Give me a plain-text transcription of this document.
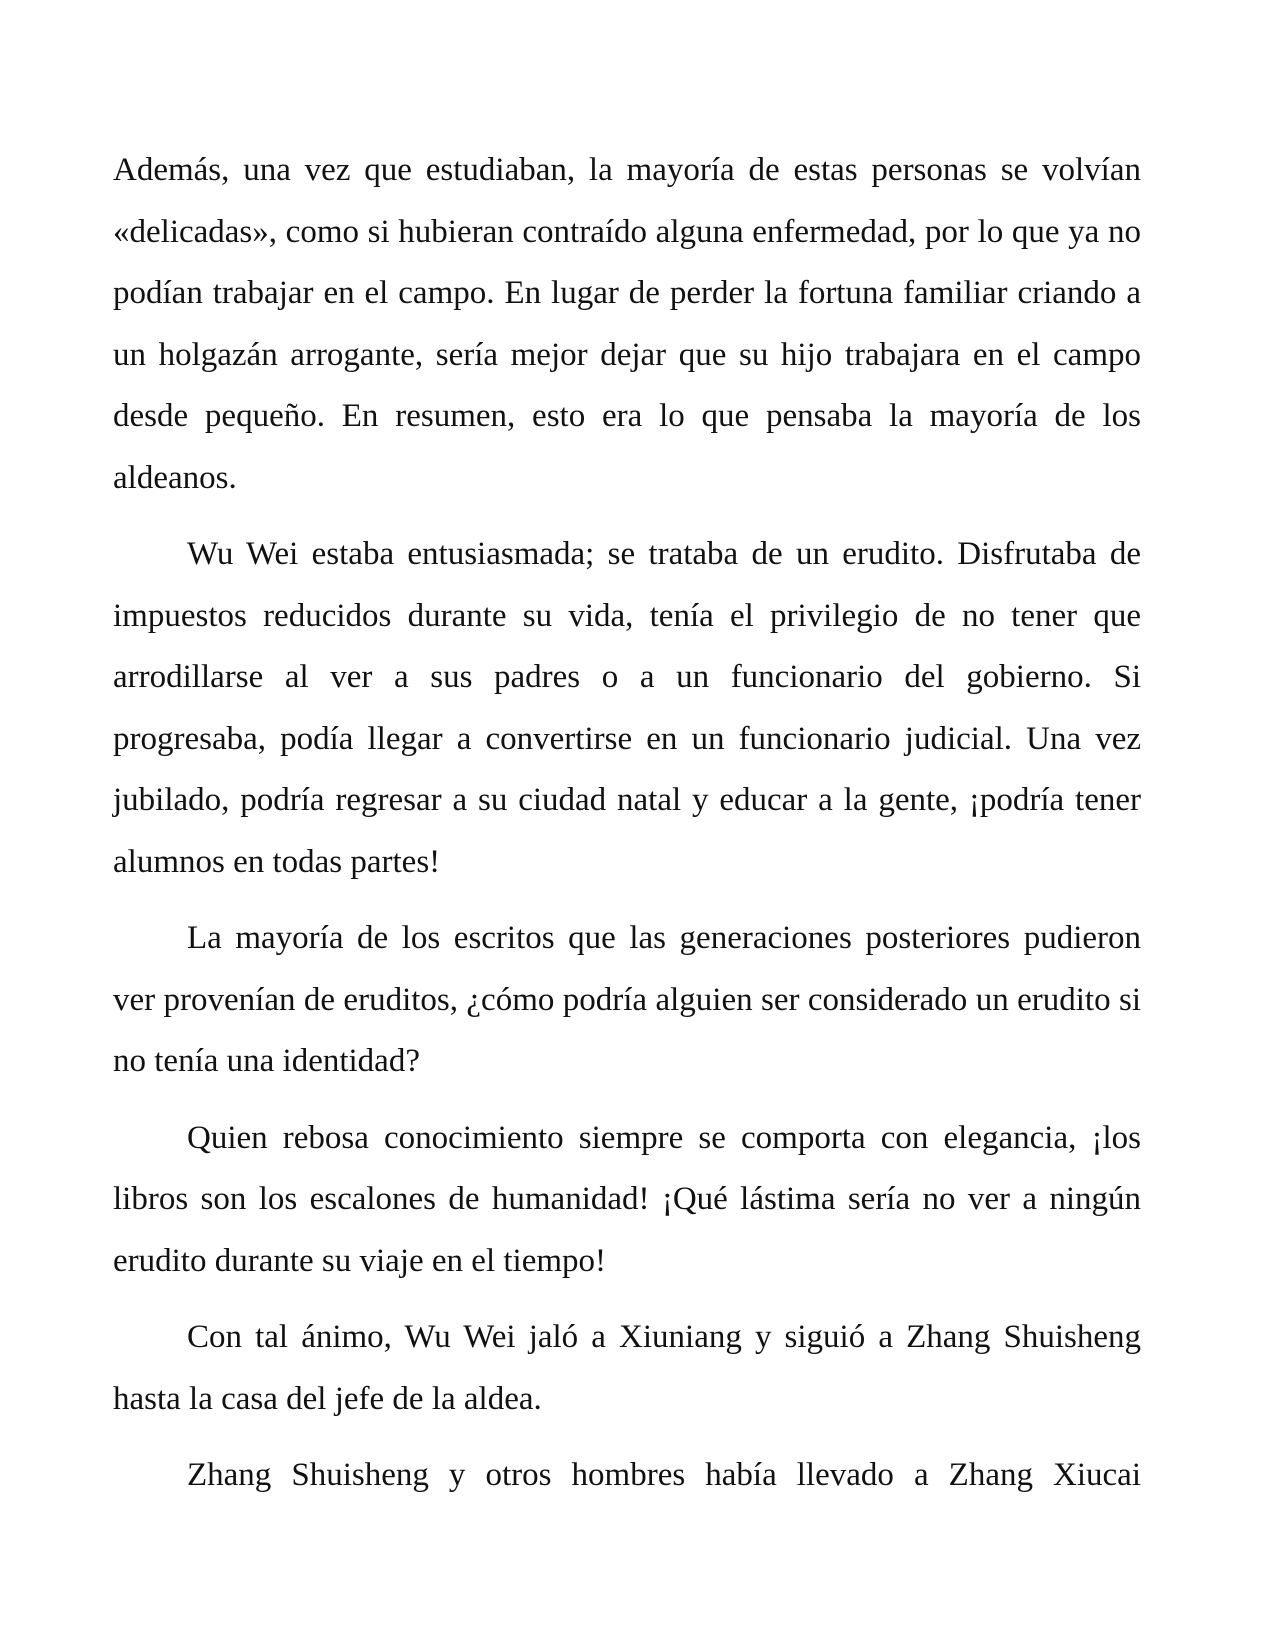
Además, una vez que estudiaban, la mayoría de estas personas se volvían «delicadas», como si hubieran contraído alguna enfermedad, por lo que ya no podían trabajar en el campo. En lugar de perder la fortuna familiar criando a un holgazán arrogante, sería mejor dejar que su hijo trabajara en el campo desde pequeño. En resumen, esto era lo que pensaba la mayoría de los aldeanos.

Wu Wei estaba entusiasmada; se trataba de un erudito. Disfrutaba de impuestos reducidos durante su vida, tenía el privilegio de no tener que arrodillarse al ver a sus padres o a un funcionario del gobierno. Si progresaba, podía llegar a convertirse en un funcionario judicial. Una vez jubilado, podría regresar a su ciudad natal y educar a la gente, ¡podría tener alumnos en todas partes!

La mayoría de los escritos que las generaciones posteriores pudieron ver provenían de eruditos, ¿cómo podría alguien ser considerado un erudito si no tenía una identidad?

Quien rebosa conocimiento siempre se comporta con elegancia, ¡los libros son los escalones de humanidad! ¡Qué lástima sería no ver a ningún erudito durante su viaje en el tiempo!

Con tal ánimo, Wu Wei jaló a Xiuniang y siguió a Zhang Shuisheng hasta la casa del jefe de la aldea.

Zhang Shuisheng y otros hombres había llevado a Zhang Xiucai
